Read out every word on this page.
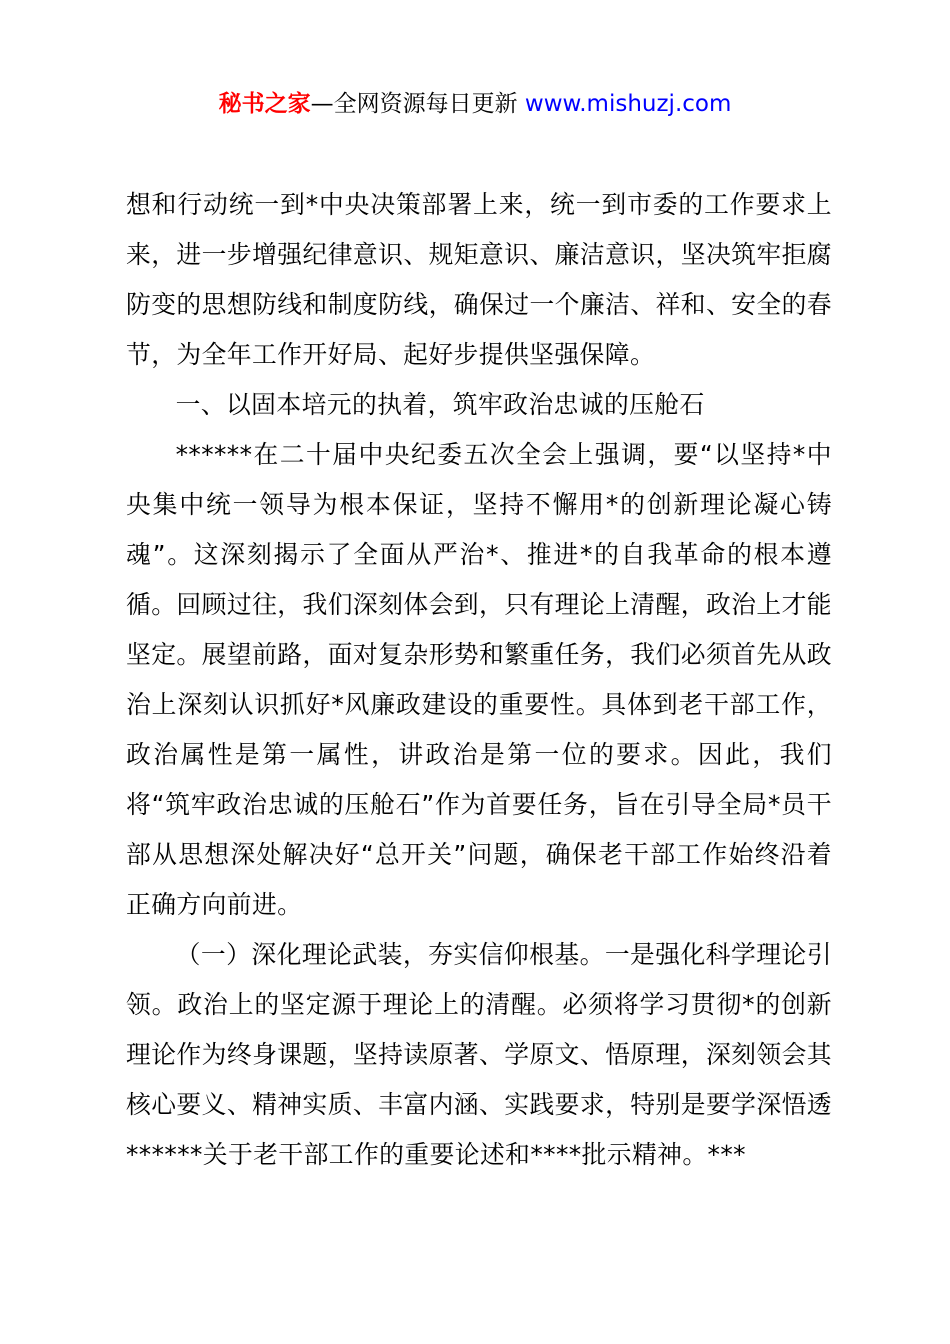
秘书之家—全网资源每日更新 www.mishuzj.com

想和行动统一到*中央决策部署上来，统一到市委的工作要求上来，进一步增强纪律意识、规矩意识、廉洁意识，坚决筑牢拒腐防变的思想防线和制度防线，确保过一个廉洁、祥和、安全的春节，为全年工作开好局、起好步提供坚强保障。

一、以固本培元的执着，筑牢政治忠诚的压舱石

******在二十届中央纪委五次全会上强调，要“以坚持*中央集中统一领导为根本保证，坚持不懈用*的创新理论凝心铸魂”。这深刻揭示了全面从严治*、推进*的自我革命的根本遵循。回顾过往，我们深刻体会到，只有理论上清醒，政治上才能坚定。展望前路，面对复杂形势和繁重任务，我们必须首先从政治上深刻认识抓好*风廉政建设的重要性。具体到老干部工作，政治属性是第一属性，讲政治是第一位的要求。因此，我们将“筑牢政治忠诚的压舱石”作为首要任务，旨在引导全局*员干部从思想深处解决好“总开关”问题，确保老干部工作始终沿着正确方向前进。

（一）深化理论武装，夯实信仰根基。一是强化科学理论引领。政治上的坚定源于理论上的清醒。必须将学习贯彻*的创新理论作为终身课题，坚持读原著、学原文、悟原理，深刻领会其核心要义、精神实质、丰富内涵、实践要求，特别是要学深悟透******关于老干部工作的重要论述和****批示精神。***
